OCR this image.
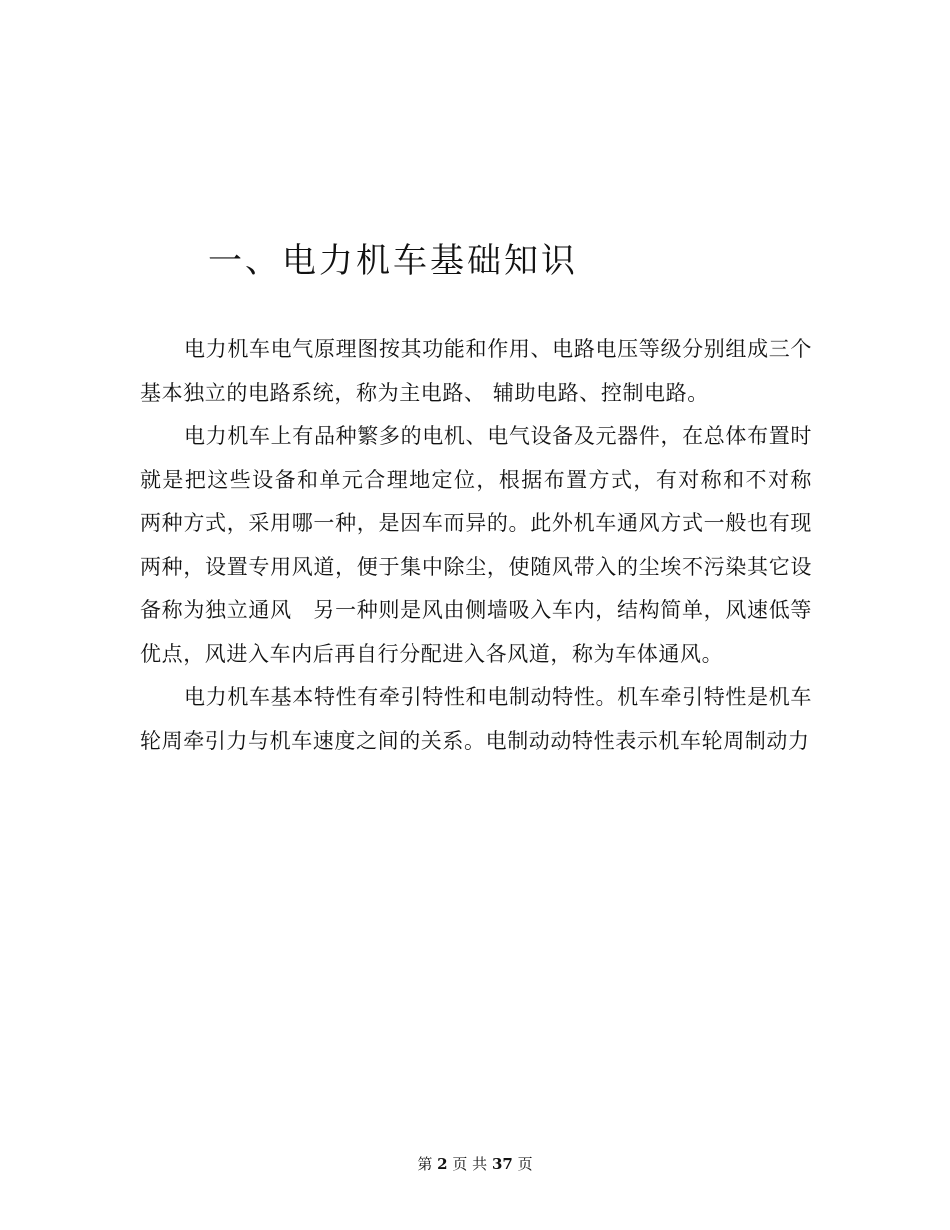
一、电力机车基础知识

电力机车电气原理图按其功能和作用、电路电压等级分别组成三个基本独立的电路系统，称为主电路、 辅助电路、控制电路。

电力机车上有品种繁多的电机、电气设备及元器件，在总体布置时就是把这些设备和单元合理地定位，根据布置方式，有对称和不对称 两种方式，采用哪一种，是因车而异的。此外机车通风方式一般也有现两种，设置专用风道，便于集中除尘，使随风带入的尘埃不污染其它设备称为独立通风　另一种则是风由侧墙吸入车内，结构简单，风速低等优点，风进入车内后再自行分配进入各风道，称为车体通风。

电力机车基本特性有牵引特性和电制动特性。机车牵引特性是机车轮周牵引力与机车速度之间的关系。电制动动特性表示机车轮周制动力

第 2 页 共 37 页
